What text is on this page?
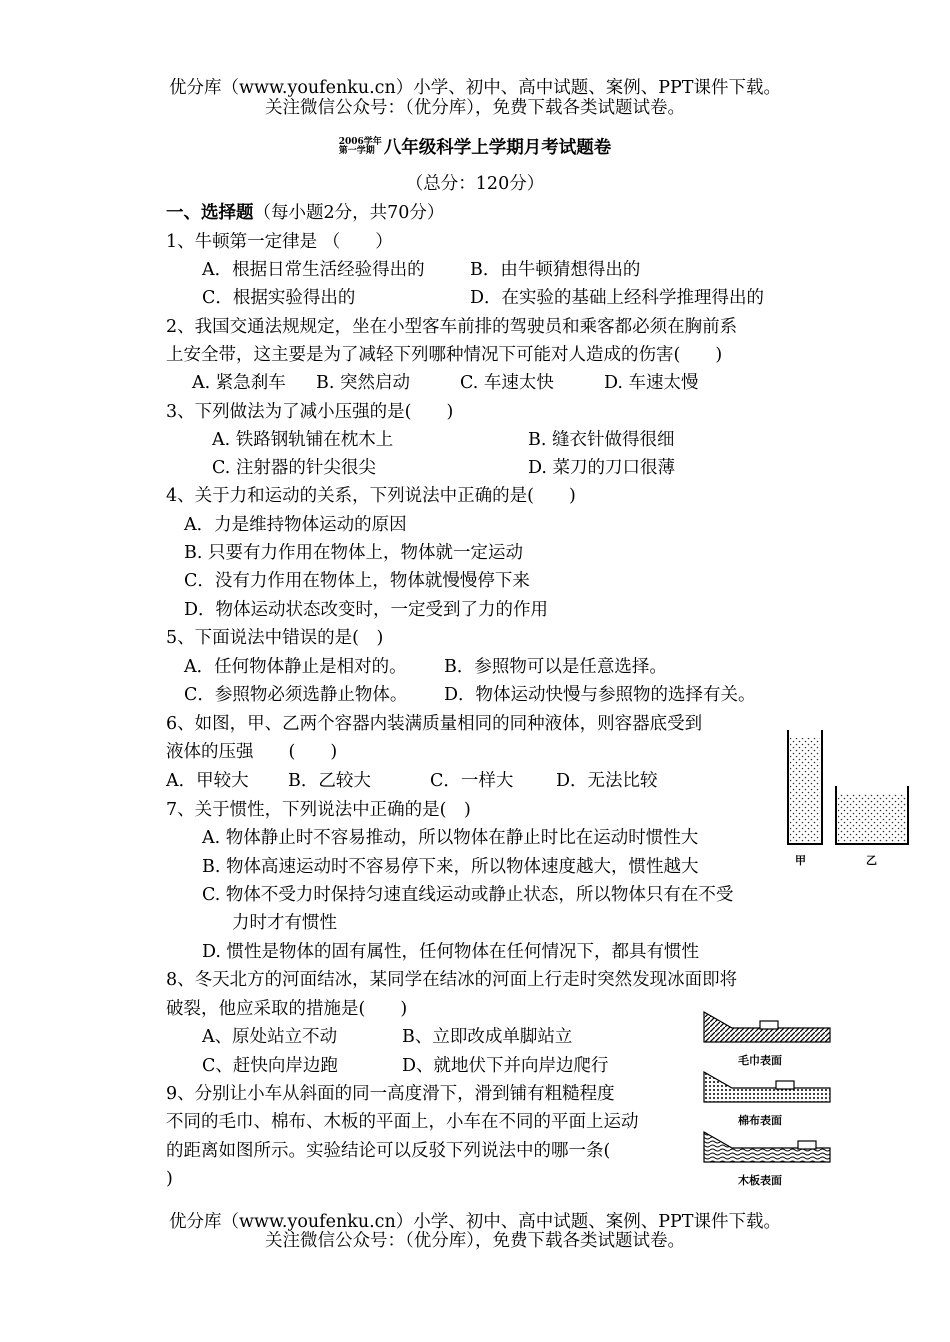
优分库（www.youfenku.cn）小学、初中、高中试题、案例、PPT课件下载。
关注微信公众号：（优分库），免费下载各类试题试卷。
2006学年
第一学期 八年级科学上学期月考试题卷
（总分：120分）
一、选择题（每小题2分，共70分）
1、牛顿第一定律是 （　　）
A．根据日常生活经验得出的	B．由牛顿猜想得出的
C．根据实验得出的	D．在实验的基础上经科学推理得出的
2、我国交通法规规定，坐在小型客车前排的驾驶员和乘客都必须在胸前系
上安全带，这主要是为了减轻下列哪种情况下可能对人造成的伤害(　　)
A. 紧急刹车 B. 突然启动	C. 车速太快	D. 车速太慢
3、下列做法为了减小压强的是(　　)
A. 铁路钢轨铺在枕木上	B. 缝衣针做得很细
C. 注射器的针尖很尖	D. 菜刀的刀口很薄
4、关于力和运动的关系，下列说法中正确的是(　　)
A．力是维持物体运动的原因
B. 只要有力作用在物体上，物体就一定运动
C．没有力作用在物体上，物体就慢慢停下来
D．物体运动状态改变时，一定受到了力的作用
5、下面说法中错误的是(　)
A．任何物体静止是相对的。 B．参照物可以是任意选择。
C．参照物必须选静止物体。 D．物体运动快慢与参照物的选择有关。
6、如图，甲、乙两个容器内装满质量相同的同种液体，则容器底受到
液体的压强　　(　　)
A．甲较大 B．乙较大	C．一样大 D．无法比较
甲	乙
7、关于惯性，下列说法中正确的是(　)
A. 物体静止时不容易推动，所以物体在静止时比在运动时惯性大
B. 物体高速运动时不容易停下来，所以物体速度越大，惯性越大
C. 物体不受力时保持匀速直线运动或静止状态，所以物体只有在不受
力时才有惯性
D. 惯性是物体的固有属性，任何物体在任何情况下，都具有惯性
8、冬天北方的河面结冰，某同学在结冰的河面上行走时突然发现冰面即将
破裂，他应采取的措施是(　　)
A、原处站立不动	B、立即改成单脚站立
C、赶快向岸边跑	D、就地伏下并向岸边爬行
9、分别让小车从斜面的同一高度滑下，滑到铺有粗糙程度
不同的毛巾、棉布、木板的平面上，小车在不同的平面上运动
的距离如图所示。实验结论可以反驳下列说法中的哪一条(
)
毛巾表面
棉布表面
木板表面
优分库（www.youfenku.cn）小学、初中、高中试题、案例、PPT课件下载。
关注微信公众号：（优分库），免费下载各类试题试卷。
